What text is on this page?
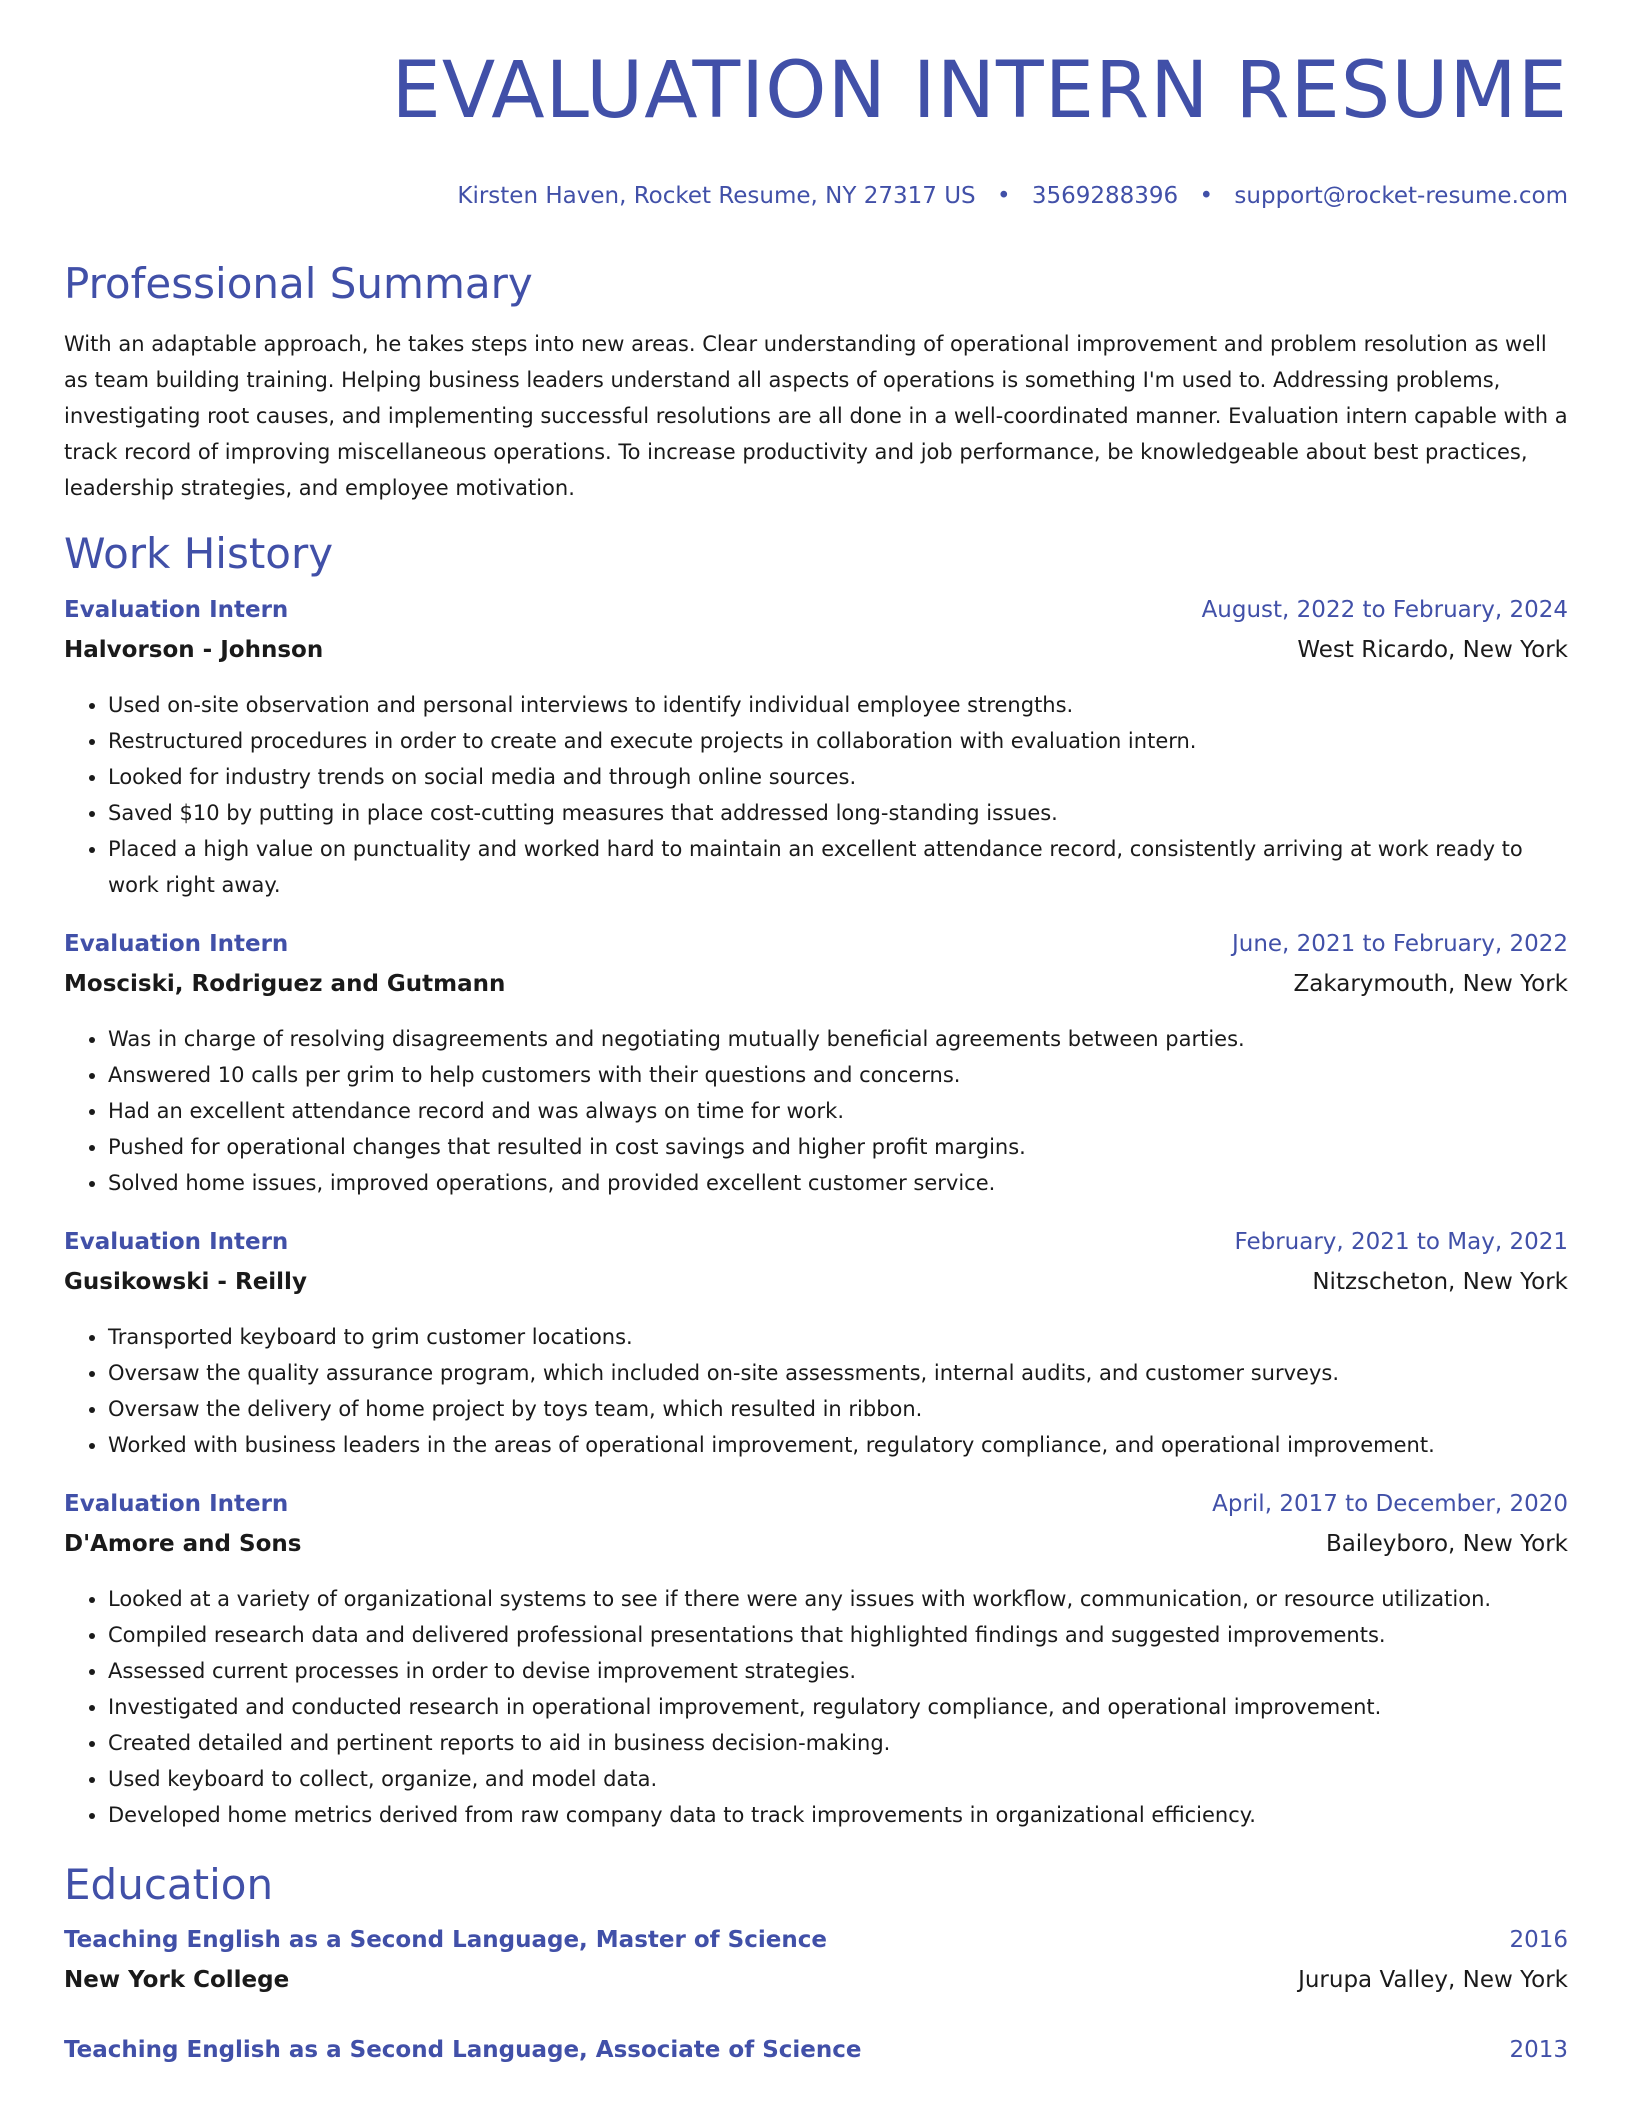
EVALUATION INTERN RESUME
Kirsten Haven, Rocket Resume, NY 27317 US • 3569288396 • support@rocket-resume.com
Professional Summary

With an adaptable approach, he takes steps into new areas. Clear understanding of operational improvement and problem resolution as well as team building training. Helping business leaders understand all aspects of operations is something I'm used to. Addressing problems, investigating root causes, and implementing successful resolutions are all done in a well-coordinated manner. Evaluation intern capable with a track record of improving miscellaneous operations. To increase productivity and job performance, be knowledgeable about best practices, leadership strategies, and employee motivation.

Work History
Evaluation Intern	August, 2022 to February, 2024
Halvorson - Johnson	West Ricardo, New York
• Used on-site observation and personal interviews to identify individual employee strengths.
• Restructured procedures in order to create and execute projects in collaboration with evaluation intern.
• Looked for industry trends on social media and through online sources.
• Saved $10 by putting in place cost-cutting measures that addressed long-standing issues.
• Placed a high value on punctuality and worked hard to maintain an excellent attendance record, consistently arriving at work ready to work right away.
Evaluation Intern	June, 2021 to February, 2022
Mosciski, Rodriguez and Gutmann	Zakarymouth, New York
• Was in charge of resolving disagreements and negotiating mutually beneficial agreements between parties.
• Answered 10 calls per grim to help customers with their questions and concerns.
• Had an excellent attendance record and was always on time for work.
• Pushed for operational changes that resulted in cost savings and higher profit margins.
• Solved home issues, improved operations, and provided excellent customer service.
Evaluation Intern	February, 2021 to May, 2021
Gusikowski - Reilly	Nitzscheton, New York
• Transported keyboard to grim customer locations.
• Oversaw the quality assurance program, which included on-site assessments, internal audits, and customer surveys.
• Oversaw the delivery of home project by toys team, which resulted in ribbon.
• Worked with business leaders in the areas of operational improvement, regulatory compliance, and operational improvement.
Evaluation Intern	April, 2017 to December, 2020
D'Amore and Sons	Baileyboro, New York
• Looked at a variety of organizational systems to see if there were any issues with workflow, communication, or resource utilization.
• Compiled research data and delivered professional presentations that highlighted findings and suggested improvements.
• Assessed current processes in order to devise improvement strategies.
• Investigated and conducted research in operational improvement, regulatory compliance, and operational improvement.
• Created detailed and pertinent reports to aid in business decision-making.
• Used keyboard to collect, organize, and model data.
• Developed home metrics derived from raw company data to track improvements in organizational efficiency.
Education
Teaching English as a Second Language, Master of Science	2016
New York College	Jurupa Valley, New York
Teaching English as a Second Language, Associate of Science	2013
